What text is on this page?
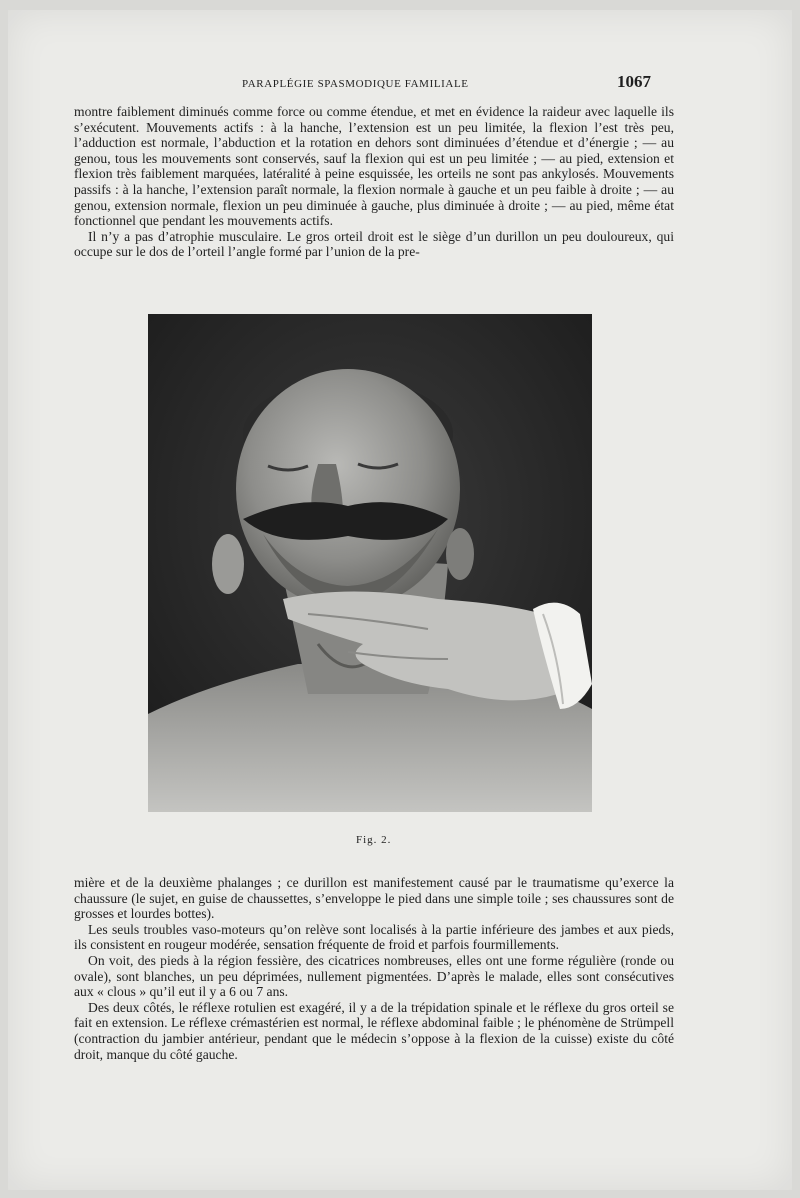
PARAPLÉGIE SPASMODIQUE FAMILIALE	1067

montre faiblement diminués comme force ou comme étendue, et met en évidence la raideur avec laquelle ils s’exécutent. Mouvements actifs : à la hanche, l’extension est un peu limitée, la flexion l’est très peu, l’adduction est normale, l’abduction et la rotation en dehors sont diminuées d’étendue et d’énergie ; — au genou, tous les mouvements sont conservés, sauf la flexion qui est un peu limitée ; — au pied, extension et flexion très faiblement marquées, latéralité à peine esquissée, les orteils ne sont pas ankylosés. Mouvements passifs : à la hanche, l’extension paraît normale, la flexion normale à gauche et un peu faible à droite ; — au genou, extension normale, flexion un peu diminuée à gauche, plus diminuée à droite ; — au pied, même état fonctionnel que pendant les mouvements actifs.

Il n’y a pas d’atrophie musculaire. Le gros orteil droit est le siège d’un durillon un peu douloureux, qui occupe sur le dos de l’orteil l’angle formé par l’union de la pre-

Fig. 2.

mière et de la deuxième phalanges ; ce durillon est manifestement causé par le traumatisme qu’exerce la chaussure (le sujet, en guise de chaussettes, s’enveloppe le pied dans une simple toile ; ses chaussures sont de grosses et lourdes bottes).

Les seuls troubles vaso-moteurs qu’on relève sont localisés à la partie inférieure des jambes et aux pieds, ils consistent en rougeur modérée, sensation fréquente de froid et parfois fourmillements.

On voit, des pieds à la région fessière, des cicatrices nombreuses, elles ont une forme régulière (ronde ou ovale), sont blanches, un peu déprimées, nullement pigmentées. D’après le malade, elles sont consécutives aux « clous » qu’il eut il y a 6 ou 7 ans.

Des deux côtés, le réflexe rotulien est exagéré, il y a de la trépidation spinale et le réflexe du gros orteil se fait en extension. Le réflexe crémastérien est normal, le réflexe abdominal faible ; le phénomène de Strümpell (contraction du jambier antérieur, pendant que le médecin s’oppose à la flexion de la cuisse) existe du côté droit, manque du côté gauche.
